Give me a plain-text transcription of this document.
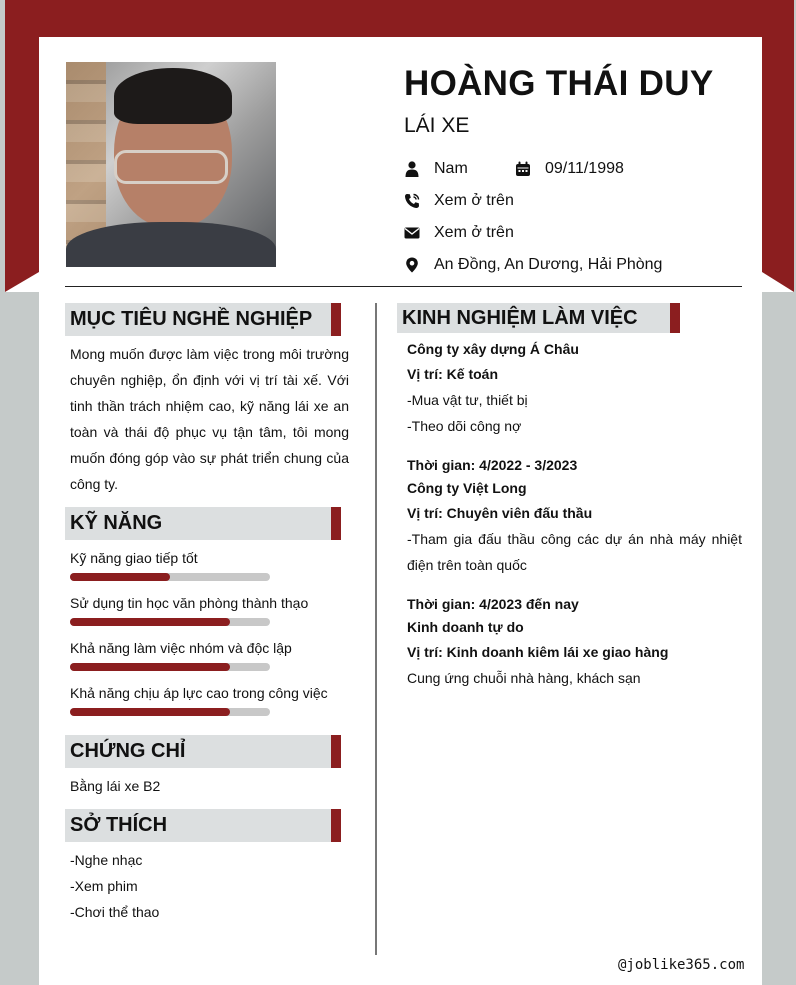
HOÀNG THÁI DUY
LÁI XE
Nam	09/11/1998
Xem ở trên
Xem ở trên
An Đồng, An Dương, Hải Phòng
MỤC TIÊU NGHỀ NGHIỆP
Mong muốn được làm việc trong môi trường chuyên nghiệp, ổn định với vị trí tài xế. Với tinh thần trách nhiệm cao, kỹ năng lái xe an toàn và thái độ phục vụ tận tâm, tôi mong muốn đóng góp vào sự phát triển chung của công ty.
KỸ NĂNG
Kỹ năng giao tiếp tốt
Sử dụng tin học văn phòng thành thạo
Khả năng làm việc nhóm và độc lập
Khả năng chịu áp lực cao trong công việc
CHỨNG CHỈ
Bằng lái xe B2
SỞ THÍCH
-Nghe nhạc
-Xem phim
-Chơi thể thao
KINH NGHIỆM LÀM VIỆC
Công ty xây dựng Á Châu
Vị trí: Kế toán
-Mua vật tư, thiết bị
-Theo dõi công nợ
Thời gian: 4/2022 - 3/2023
Công ty Việt Long
Vị trí: Chuyên viên đấu thầu
-Tham gia đấu thầu công các dự án nhà máy nhiệt điện trên toàn quốc
Thời gian: 4/2023 đến nay
Kinh doanh tự do
Vị trí: Kinh doanh kiêm lái xe giao hàng
Cung ứng chuỗi nhà hàng, khách sạn
@joblike365.com
